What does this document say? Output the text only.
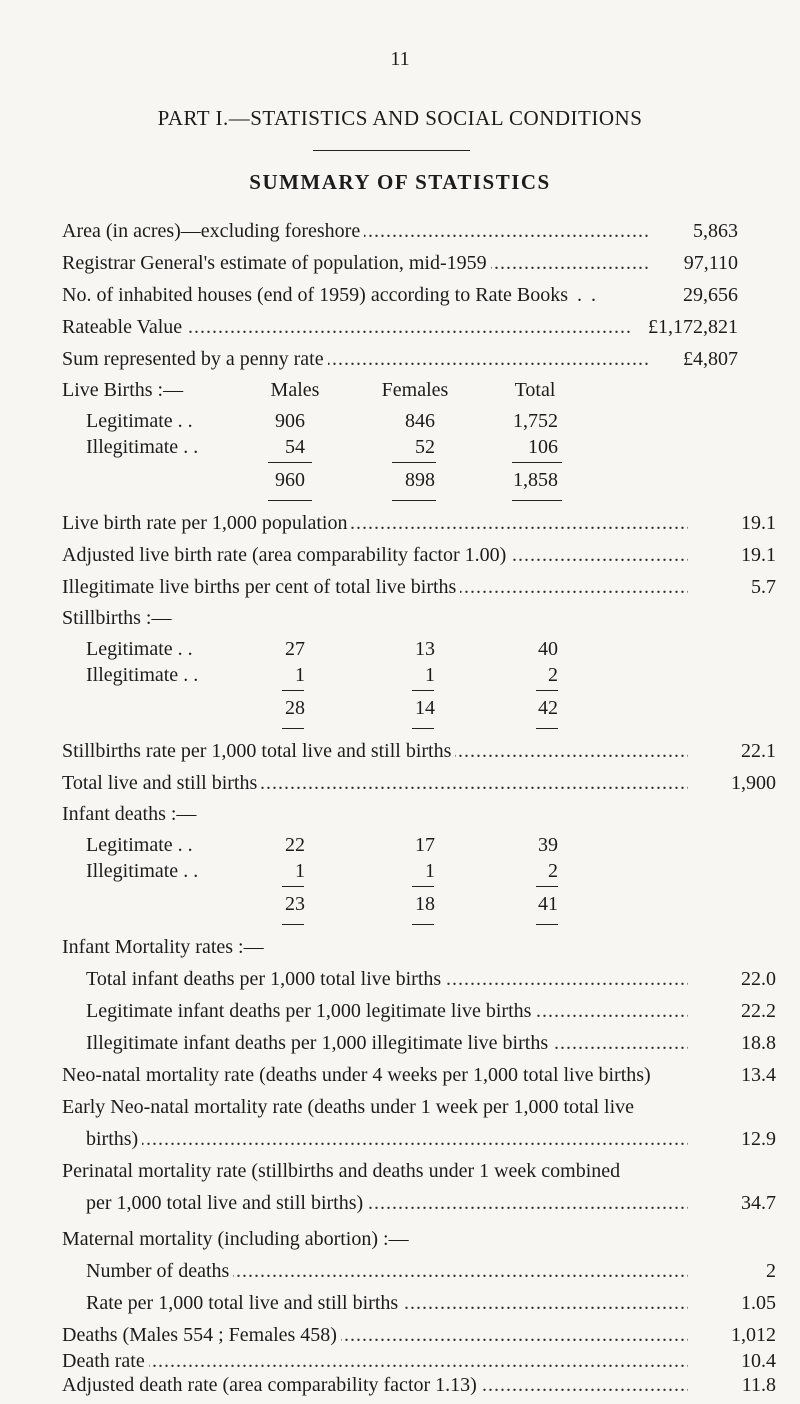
11
PART I.—STATISTICS AND SOCIAL CONDITIONS
SUMMARY OF STATISTICS
Area (in acres)—excluding foreshore .....	5,863
Registrar General's estimate of population, mid-1959 .....	97,110
No. of inhabited houses (end of 1959) according to Rate Books . .	29,656
Rateable Value .....	£1,172,821
Sum represented by a penny rate .....	£4,807
Live Births :—	Males	Females	Total
Legitimate . .	906	846	1,752
Illegitimate . .	54	52	106
960	898	1,858
Live birth rate per 1,000 population .....	19.1
Adjusted live birth rate (area comparability factor 1.00) .....	19.1
Illegitimate live births per cent of total live births .....	5.7
Stillbirths :—
Legitimate . .	27	13	40
Illegitimate . .	1	1	2
28	14	42
Stillbirths rate per 1,000 total live and still births .....	22.1
Total live and still births .....	1,900
Infant deaths :—
Legitimate . .	22	17	39
Illegitimate . .	1	1	2
23	18	41
Infant Mortality rates :—
Total infant deaths per 1,000 total live births .....	22.0
Legitimate infant deaths per 1,000 legitimate live births .....	22.2
Illegitimate infant deaths per 1,000 illegitimate live births .....	18.8
Neo-natal mortality rate (deaths under 4 weeks per 1,000 total live births)	13.4
Early Neo-natal mortality rate (deaths under 1 week per 1,000 total live
births) .....	12.9
Perinatal mortality rate (stillbirths and deaths under 1 week combined
per 1,000 total live and still births) .....	34.7
Maternal mortality (including abortion) :—
Number of deaths .....	2
Rate per 1,000 total live and still births .....	1.05
Deaths (Males 554 ; Females 458) .....	1,012
Death rate .....	10.4
Adjusted death rate (area comparability factor 1.13) .....	11.8
